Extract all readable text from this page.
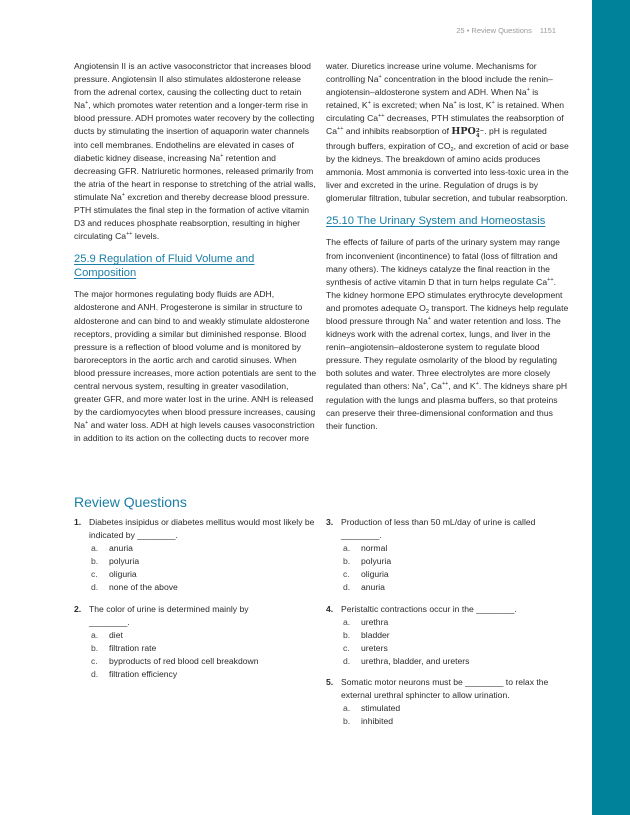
25 • Review Questions 1151

Angiotensin II is an active vasoconstrictor that increases blood pressure. Angiotensin II also stimulates aldosterone release from the adrenal cortex, causing the collecting duct to retain Na+, which promotes water retention and a longer-term rise in blood pressure. ADH promotes water recovery by the collecting ducts by stimulating the insertion of aquaporin water channels into cell membranes. Endothelins are elevated in cases of diabetic kidney disease, increasing Na+ retention and decreasing GFR. Natriuretic hormones, released primarily from the atria of the heart in response to stretching of the atrial walls, stimulate Na+ excretion and thereby decrease blood pressure. PTH stimulates the final step in the formation of active vitamin D3 and reduces phosphate reabsorption, resulting in higher circulating Ca++ levels.

25.9 Regulation of Fluid Volume and Composition

The major hormones regulating body fluids are ADH, aldosterone and ANH. Progesterone is similar in structure to aldosterone and can bind to and weakly stimulate aldosterone receptors, providing a similar but diminished response. Blood pressure is a reflection of blood volume and is monitored by baroreceptors in the aortic arch and carotid sinuses. When blood pressure increases, more action potentials are sent to the central nervous system, resulting in greater vasodilation, greater GFR, and more water lost in the urine. ANH is released by the cardiomyocytes when blood pressure increases, causing Na+ and water loss. ADH at high levels causes vasoconstriction in addition to its action on the collecting ducts to recover more

water. Diuretics increase urine volume. Mechanisms for controlling Na+ concentration in the blood include the renin–angiotensin–aldosterone system and ADH. When Na+ is retained, K+ is excreted; when Na+ is lost, K+ is retained. When circulating Ca++ decreases, PTH stimulates the reabsorption of Ca++ and inhibits reabsorption of HPO2−
4 . pH is regulated through buffers, expiration of $CO_2$, and excretion of acid or base by the kidneys. The breakdown of amino acids produces ammonia. Most ammonia is converted into less-toxic urea in the liver and excreted in the urine. Regulation of drugs is by glomerular filtration, tubular secretion, and tubular reabsorption.

25.10 The Urinary System and Homeostasis

The effects of failure of parts of the urinary system may range from inconvenient (incontinence) to fatal (loss of filtration and many others). The kidneys catalyze the final reaction in the synthesis of active vitamin D that in turn helps regulate Ca++. The kidney hormone EPO stimulates erythrocyte development and promotes adequate $O_2$ transport. The kidneys help regulate blood pressure through Na+ and water retention and loss. The kidneys work with the adrenal cortex, lungs, and liver in the renin–angiotensin–aldosterone system to regulate blood pressure. They regulate osmolarity of the blood by regulating both solutes and water. Three electrolytes are more closely regulated than others: Na+, Ca++, and K+. The kidneys share pH regulation with the lungs and plasma buffers, so that proteins can preserve their three-dimensional conformation and thus their function.

Review Questions
1. Diabetes insipidus or diabetes mellitus would most likely be indicated by ________.
a. anuria
b. polyuria
c. oliguria
d. none of the above
2. The color of urine is determined mainly by ________.
a. diet
b. filtration rate
c. byproducts of red blood cell breakdown
d. filtration efficiency
3. Production of less than 50 mL/day of urine is called ________.
a. normal
b. polyuria
c. oliguria
d. anuria
4. Peristaltic contractions occur in the ________.
a. urethra
b. bladder
c. ureters
d. urethra, bladder, and ureters
5. Somatic motor neurons must be ________ to relax the external urethral sphincter to allow urination.
a. stimulated
b. inhibited
